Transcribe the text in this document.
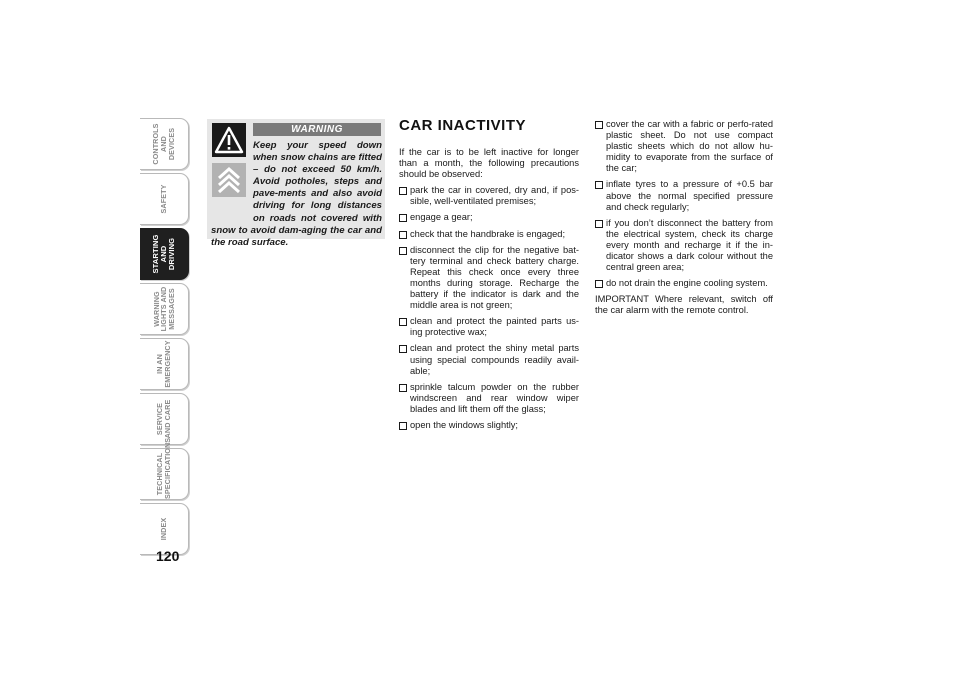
CONTROLS
AND DEVICES
SAFETY
STARTING
AND DRIVING
WARNING
LIGHTS AND
MESSAGES
IN AN
EMERGENCY
SERVICE
AND CARE
TECHNICAL
SPECIFICATIONS
INDEX
120

Keep your speed down when snow chains are fitted – do not exceed 50 km/h. Avoid potholes, steps and pave-ments and also avoid driving for long distances on roads not covered with snow to avoid dam-aging the car and the road surface.

WARNING	CAR INACTIVITY

If the car is to be left inactive for longer than a month, the following precautions should be observed:

park the car in covered, dry and, if pos-sible, well-ventilated premises;
engage a gear;
check that the handbrake is engaged;
disconnect the clip for the negative bat-tery terminal and check battery charge. Repeat this check once every three months during storage. Recharge the battery if the indicator is dark and the middle area is not green;
clean and protect the painted parts us-ing protective wax;
clean and protect the shiny metal parts using special compounds readily avail-able;
sprinkle talcum powder on the rubber windscreen and rear window wiper blades and lift them off the glass;
open the windows slightly;
cover the car with a fabric or perfo-rated plastic sheet. Do not use compact plastic sheets which do not allow hu-midity to evaporate from the surface of the car;
inflate tyres to a pressure of +0.5 bar above the normal specified pressure and check regularly;
if you don’t disconnect the battery from the electrical system, check its charge every month and recharge it if the in-dicator shows a dark colour without the central green area;
do not drain the engine cooling system.

IMPORTANT Where relevant, switch off the car alarm with the remote control.
